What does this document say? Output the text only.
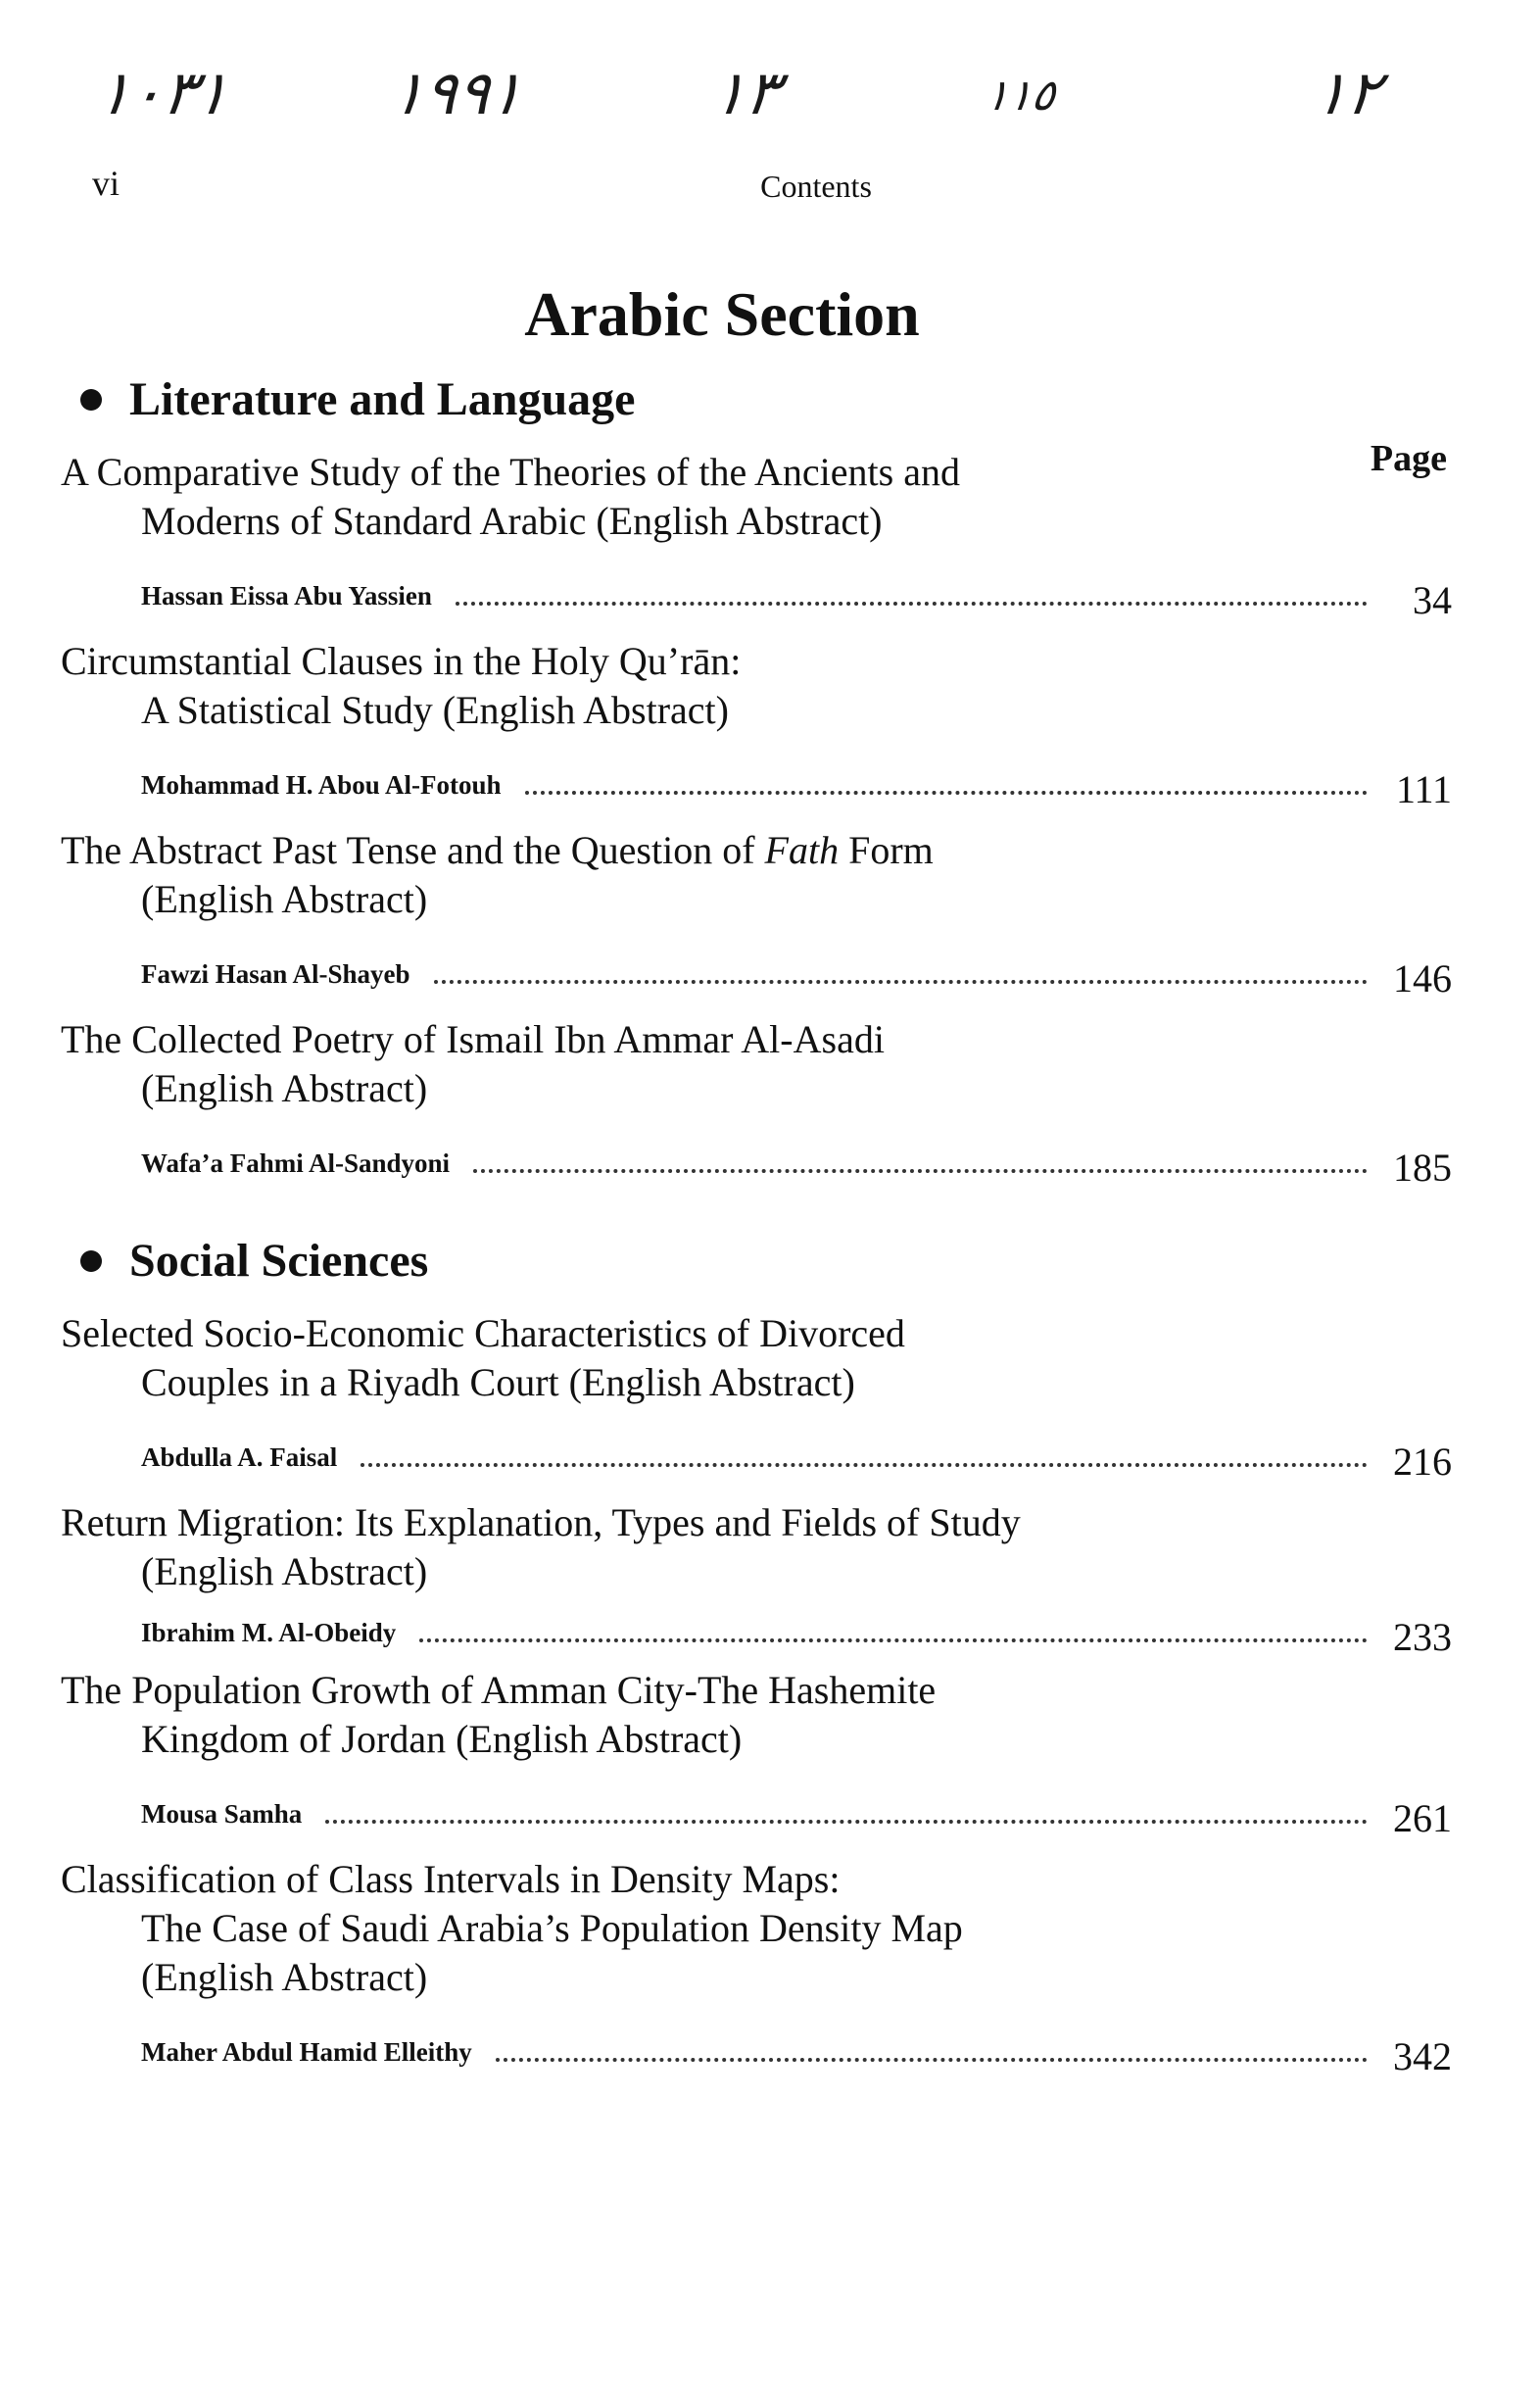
١٠٣١	١٩٩١	١٣	١١٥	١٢
vi	Contents
Arabic Section
Page
Literature and Language
A Comparative Study of the Theories of the Ancients and
Moderns of Standard Arabic (English Abstract)
Hassan Eissa Abu Yassien	34
Circumstantial Clauses in the Holy Qu’rān:
A Statistical Study (English Abstract)
Mohammad H. Abou Al-Fotouh	111
The Abstract Past Tense and the Question of Fath Form
(English Abstract)
Fawzi Hasan Al-Shayeb	146
The Collected Poetry of Ismail Ibn Ammar Al-Asadi
(English Abstract)
Wafa’a Fahmi Al-Sandyoni	185
Social Sciences
Selected Socio-Economic Characteristics of Divorced
Couples in a Riyadh Court (English Abstract)
Abdulla A. Faisal	216
Return Migration: Its Explanation, Types and Fields of Study
(English Abstract)
Ibrahim M. Al-Obeidy	233
The Population Growth of Amman City-The Hashemite
Kingdom of Jordan (English Abstract)
Mousa Samha	261
Classification of Class Intervals in Density Maps:
The Case of Saudi Arabia’s Population Density Map
(English Abstract)
Maher Abdul Hamid Elleithy	342
